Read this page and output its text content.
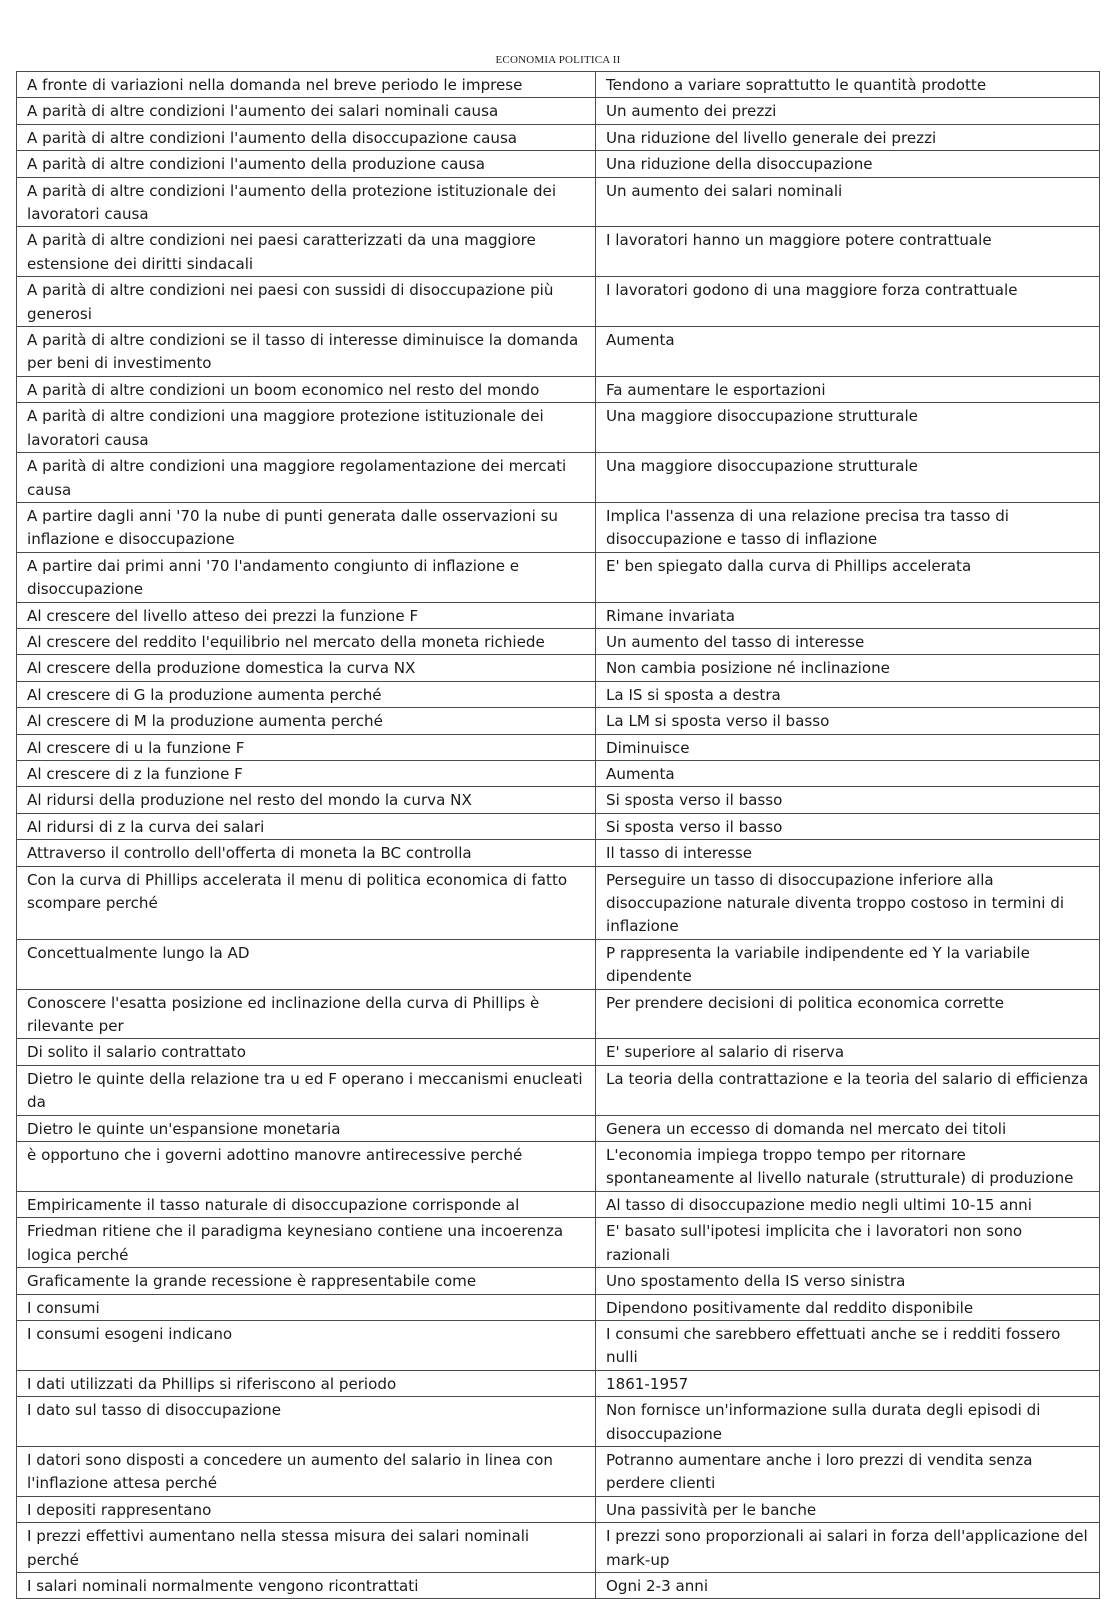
ECONOMIA POLITICA II
A fronte di variazioni nella domanda nel breve periodo le imprese	Tendono a variare soprattutto le quantità prodotte
A parità di altre condizioni l'aumento dei salari nominali causa	Un aumento dei prezzi
A parità di altre condizioni l'aumento della disoccupazione causa	Una riduzione del livello generale dei prezzi
A parità di altre condizioni l'aumento della produzione causa	Una riduzione della disoccupazione
A parità di altre condizioni l'aumento della protezione istituzionale dei lavoratori causa	Un aumento dei salari nominali
A parità di altre condizioni nei paesi caratterizzati da una maggiore estensione dei diritti sindacali	I lavoratori hanno un maggiore potere contrattuale
A parità di altre condizioni nei paesi con sussidi di disoccupazione più generosi	I lavoratori godono di una maggiore forza contrattuale
A parità di altre condizioni se il tasso di interesse diminuisce la domanda per beni di investimento	Aumenta
A parità di altre condizioni un boom economico nel resto del mondo	Fa aumentare le esportazioni
A parità di altre condizioni una maggiore protezione istituzionale dei lavoratori causa	Una maggiore disoccupazione strutturale
A parità di altre condizioni una maggiore regolamentazione dei mercati causa	Una maggiore disoccupazione strutturale
A partire dagli anni '70 la nube di punti generata dalle osservazioni su inflazione e disoccupazione	Implica l'assenza di una relazione precisa tra tasso di disoccupazione e tasso di inflazione
A partire dai primi anni '70 l'andamento congiunto di inflazione e disoccupazione	E' ben spiegato dalla curva di Phillips accelerata
Al crescere del livello atteso dei prezzi la funzione F	Rimane invariata
Al crescere del reddito l'equilibrio nel mercato della moneta richiede	Un aumento del tasso di interesse
Al crescere della produzione domestica la curva NX	Non cambia posizione né inclinazione
Al crescere di G la produzione aumenta perché	La IS si sposta a destra
Al crescere di M la produzione aumenta perché	La LM si sposta verso il basso
Al crescere di u la funzione F	Diminuisce
Al crescere di z la funzione F	Aumenta
Al ridursi della produzione nel resto del mondo la curva NX	Si sposta verso il basso
Al ridursi di z la curva dei salari	Si sposta verso il basso
Attraverso il controllo dell'offerta di moneta la BC controlla	Il tasso di interesse
Con la curva di Phillips accelerata il menu di politica economica di fatto scompare perché	Perseguire un tasso di disoccupazione inferiore alla disoccupazione naturale diventa troppo costoso in termini di inflazione
Concettualmente lungo la AD	P rappresenta la variabile indipendente ed Y la variabile dipendente
Conoscere l'esatta posizione ed inclinazione della curva di Phillips è rilevante per	Per prendere decisioni di politica economica corrette
Di solito il salario contrattato	E' superiore al salario di riserva
Dietro le quinte della relazione tra u ed F operano i meccanismi enucleati da	La teoria della contrattazione e la teoria del salario di efficienza
Dietro le quinte un'espansione monetaria	Genera un eccesso di domanda nel mercato dei titoli
è opportuno che i governi adottino manovre antirecessive perché	L'economia impiega troppo tempo per ritornare spontaneamente al livello naturale (strutturale) di produzione
Empiricamente il tasso naturale di disoccupazione corrisponde al	Al tasso di disoccupazione medio negli ultimi 10-15 anni
Friedman ritiene che il paradigma keynesiano contiene una incoerenza logica perché	E' basato sull'ipotesi implicita che i lavoratori non sono razionali
Graficamente la grande recessione è rappresentabile come	Uno spostamento della IS verso sinistra
I consumi	Dipendono positivamente dal reddito disponibile
I consumi esogeni indicano	I consumi che sarebbero effettuati anche se i redditi fossero nulli
I dati utilizzati da Phillips si riferiscono al periodo	1861-1957
I dato sul tasso di disoccupazione	Non fornisce un'informazione sulla durata degli episodi di disoccupazione
I datori sono disposti a concedere un aumento del salario in linea con l'inflazione attesa perché	Potranno aumentare anche i loro prezzi di vendita senza perdere clienti
I depositi rappresentano	Una passività per le banche
I prezzi effettivi aumentano nella stessa misura dei salari nominali perché	I prezzi sono proporzionali ai salari in forza dell'applicazione del mark-up
I salari nominali normalmente vengono ricontrattati	Ogni 2-3 anni
